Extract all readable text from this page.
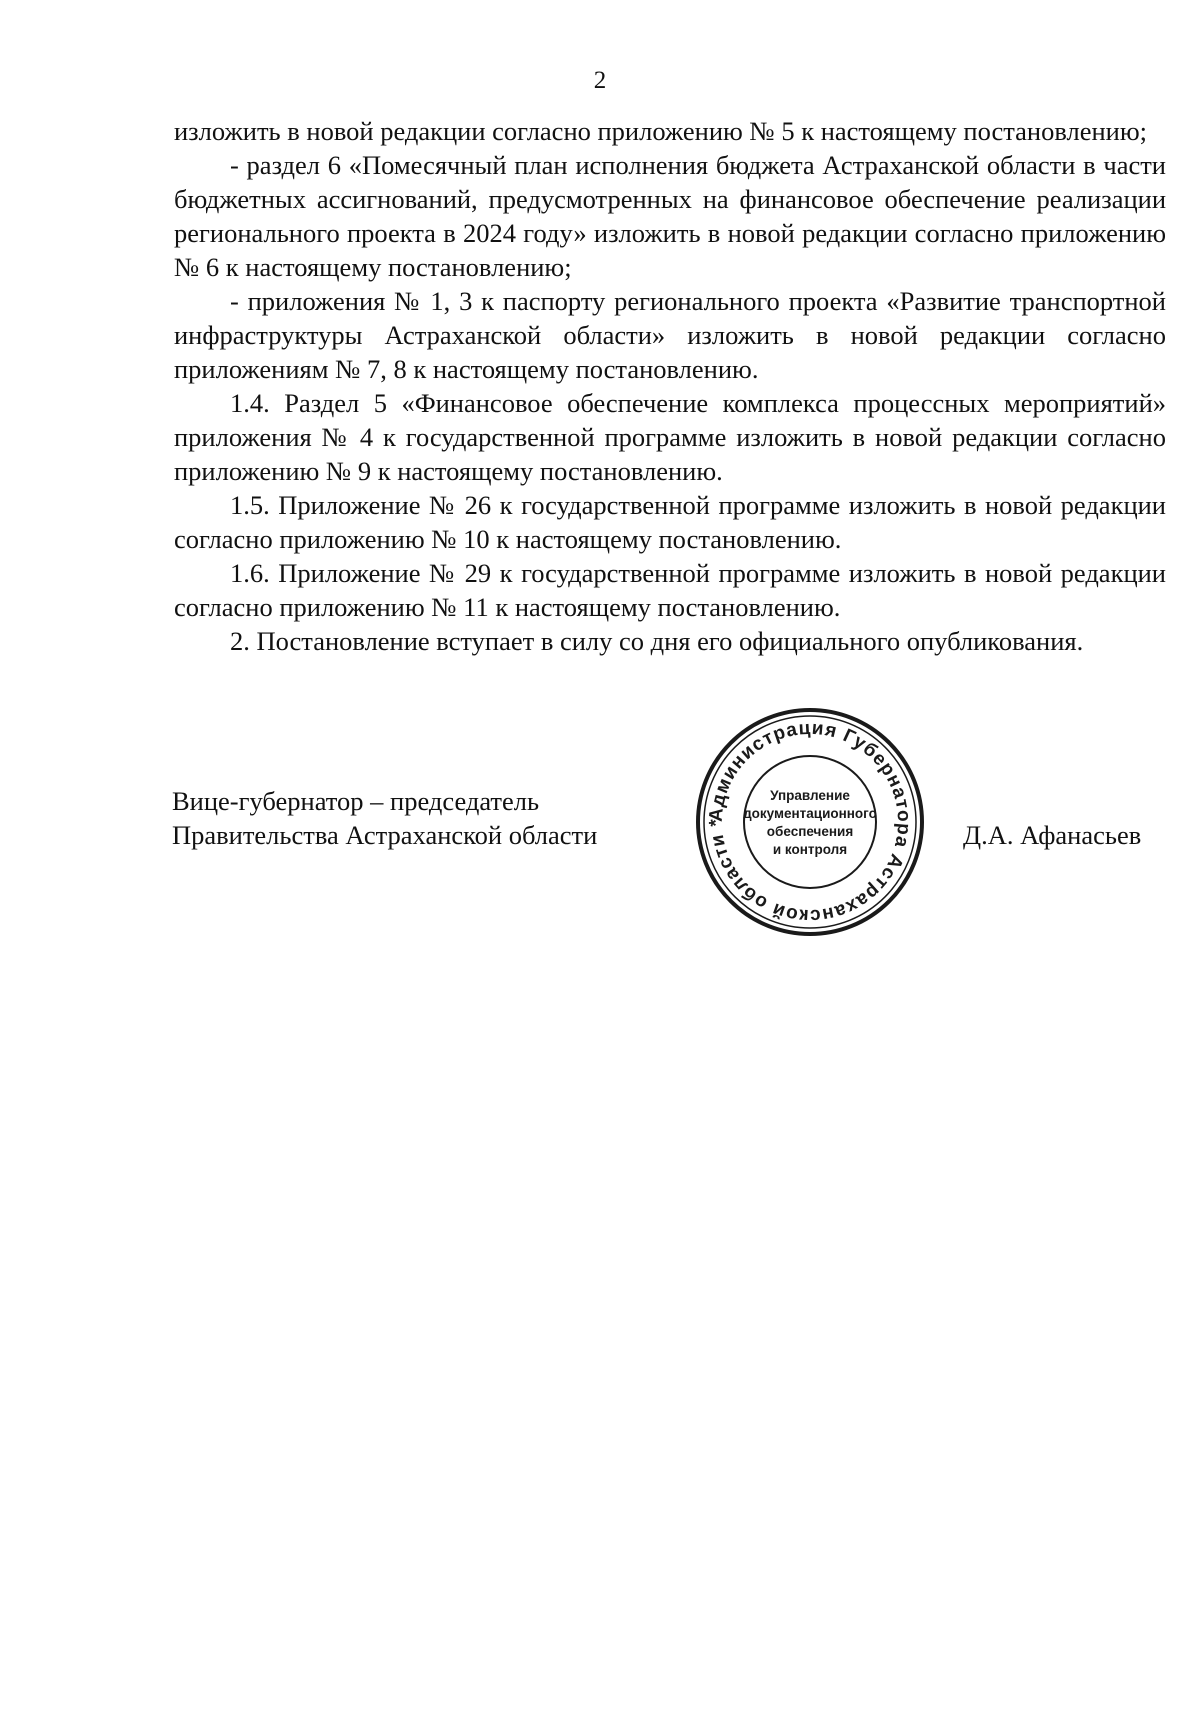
2

изложить в новой редакции согласно приложению № 5 к настоящему постановлению;

- раздел 6 «Помесячный план исполнения бюджета Астраханской области в части бюджетных ассигнований, предусмотренных на финансовое обеспечение реализации регионального проекта в 2024 году» изложить в новой редакции согласно приложению № 6 к настоящему постановлению;

- приложения № 1, 3 к паспорту регионального проекта «Развитие транспортной инфраструктуры Астраханской области» изложить в новой редакции согласно приложениям № 7, 8 к настоящему постановлению.

1.4. Раздел 5 «Финансовое обеспечение комплекса процессных мероприятий» приложения № 4 к государственной программе изложить в новой редакции согласно приложению № 9 к настоящему постановлению.

1.5. Приложение № 26 к государственной программе изложить в новой редакции согласно приложению № 10 к настоящему постановлению.

1.6. Приложение № 29 к государственной программе изложить в новой редакции согласно приложению № 11 к настоящему постановлению.

2. Постановление вступает в силу со дня его официального опубликования.

Вице-губернатор – председатель
Правительства Астраханской области
Администрация Губернатора Астраханской области *
Управление
документационного
обеспечения
и контроля	Д.А. Афанасьев
